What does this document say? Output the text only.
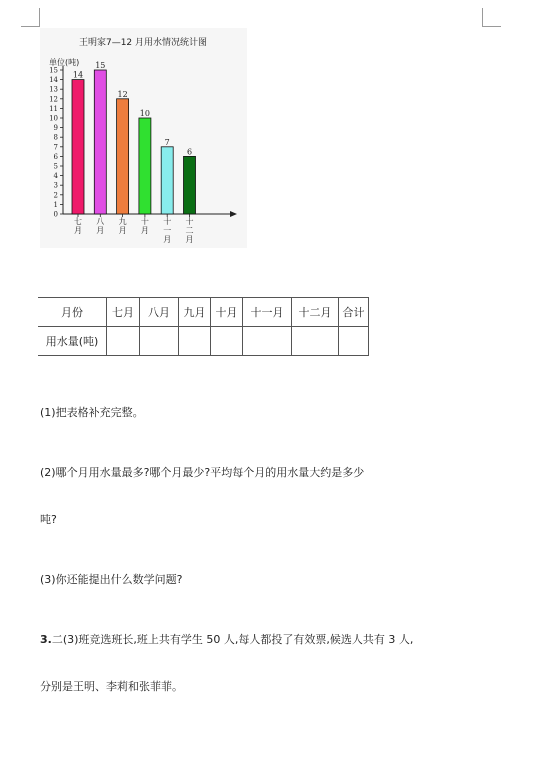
王明家7—12 月用水情况统计图
单位(吨)
0
1
2
3
4
5
6
7
8
9
10
11
12
13
14
15
14
七
月
15
八
月
12
九
月
10
十
月
7
十
一
月
6
十
二
月
月份	七月	八月	九月	十月	十一月	十二月	合计
用水量(吨)							
(1)把表格补充完整。
(2)哪个月用水量最多?哪个月最少?平均每个月的用水量大约是多少
吨?
(3)你还能提出什么数学问题?
3.二(3)班竞选班长,班上共有学生 50 人,每人都投了有效票,候选人共有 3 人,
分别是王明、李莉和张菲菲。
